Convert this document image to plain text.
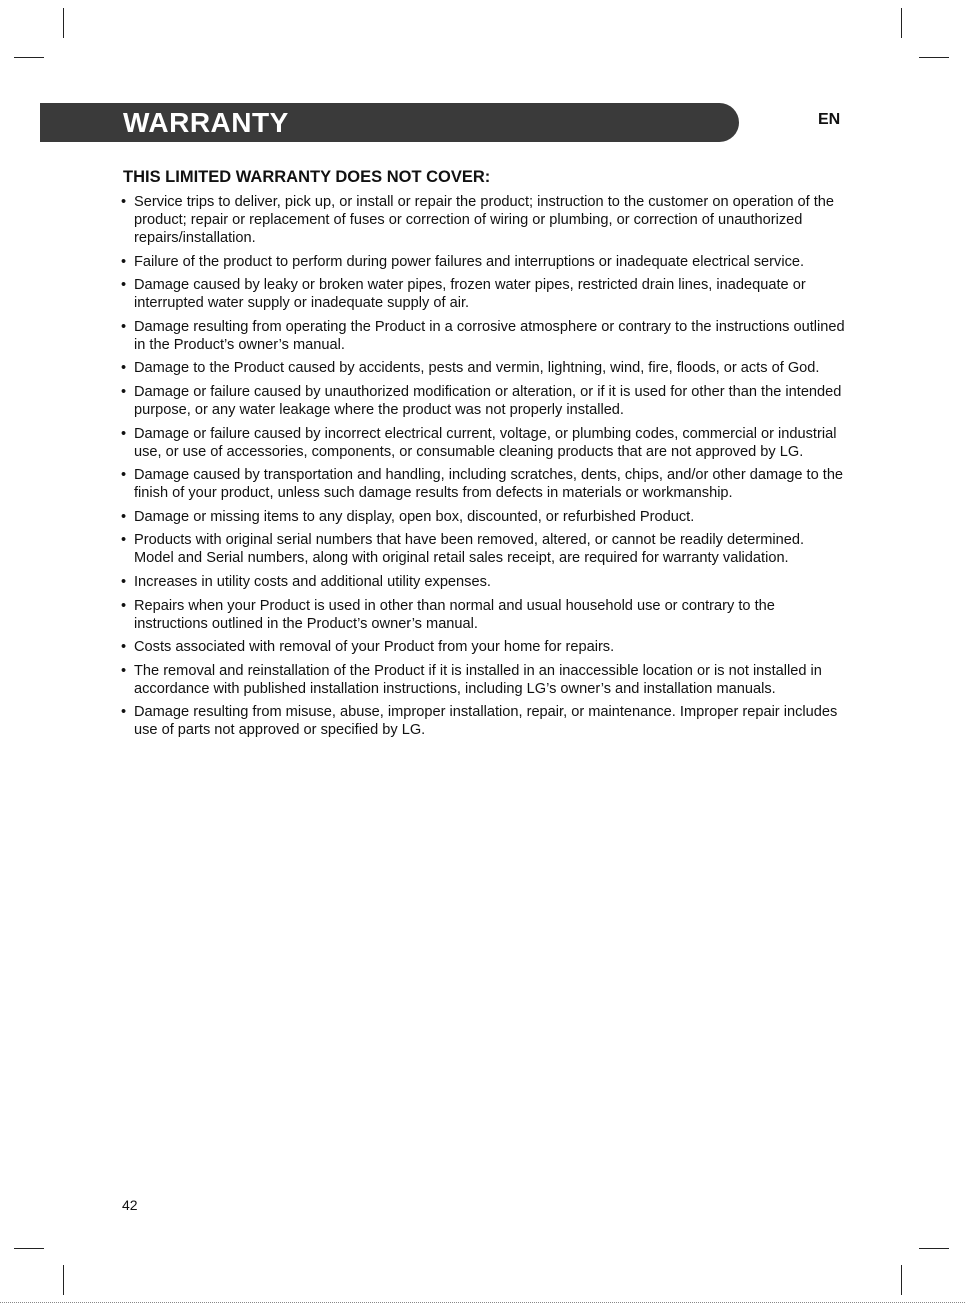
WARRANTY	EN
THIS LIMITED WARRANTY DOES NOT COVER:
• Service trips to deliver, pick up, or install or repair the product; instruction to the customer on operation of the product; repair or replacement of fuses or correction of wiring or plumbing, or correction of unauthorized repairs/installation.
• Failure of the product to perform during power failures and interruptions or inadequate electrical service.
• Damage caused by leaky or broken water pipes, frozen water pipes, restricted drain lines, inadequate or interrupted water supply or inadequate supply of air.
• Damage resulting from operating the Product in a corrosive atmosphere or contrary to the instructions outlined in the Product’s owner’s manual.
• Damage to the Product caused by accidents, pests and vermin, lightning, wind, fire, floods, or acts of God.
• Damage or failure caused by unauthorized modification or alteration, or if it is used for other than the intended purpose, or any water leakage where the product was not properly installed.
• Damage or failure caused by incorrect electrical current, voltage, or plumbing codes, commercial or industrial use, or use of accessories, components, or consumable cleaning products that are not approved by LG.
• Damage caused by transportation and handling, including scratches, dents, chips, and/or other damage to the finish of your product, unless such damage results from defects in materials or workmanship.
• Damage or missing items to any display, open box, discounted, or refurbished Product.
• Products with original serial numbers that have been removed, altered, or cannot be readily determined. Model and Serial numbers, along with original retail sales receipt, are required for warranty validation.
• Increases in utility costs and additional utility expenses.
• Repairs when your Product is used in other than normal and usual household use or contrary to the instructions outlined in the Product’s owner’s manual.
• Costs associated with removal of your Product from your home for repairs.
• The removal and reinstallation of the Product if it is installed in an inaccessible location or is not installed in accordance with published installation instructions, including LG’s owner’s and installation manuals.
• Damage resulting from misuse, abuse, improper installation, repair, or maintenance. Improper repair includes use of parts not approved or specified by LG.
42
